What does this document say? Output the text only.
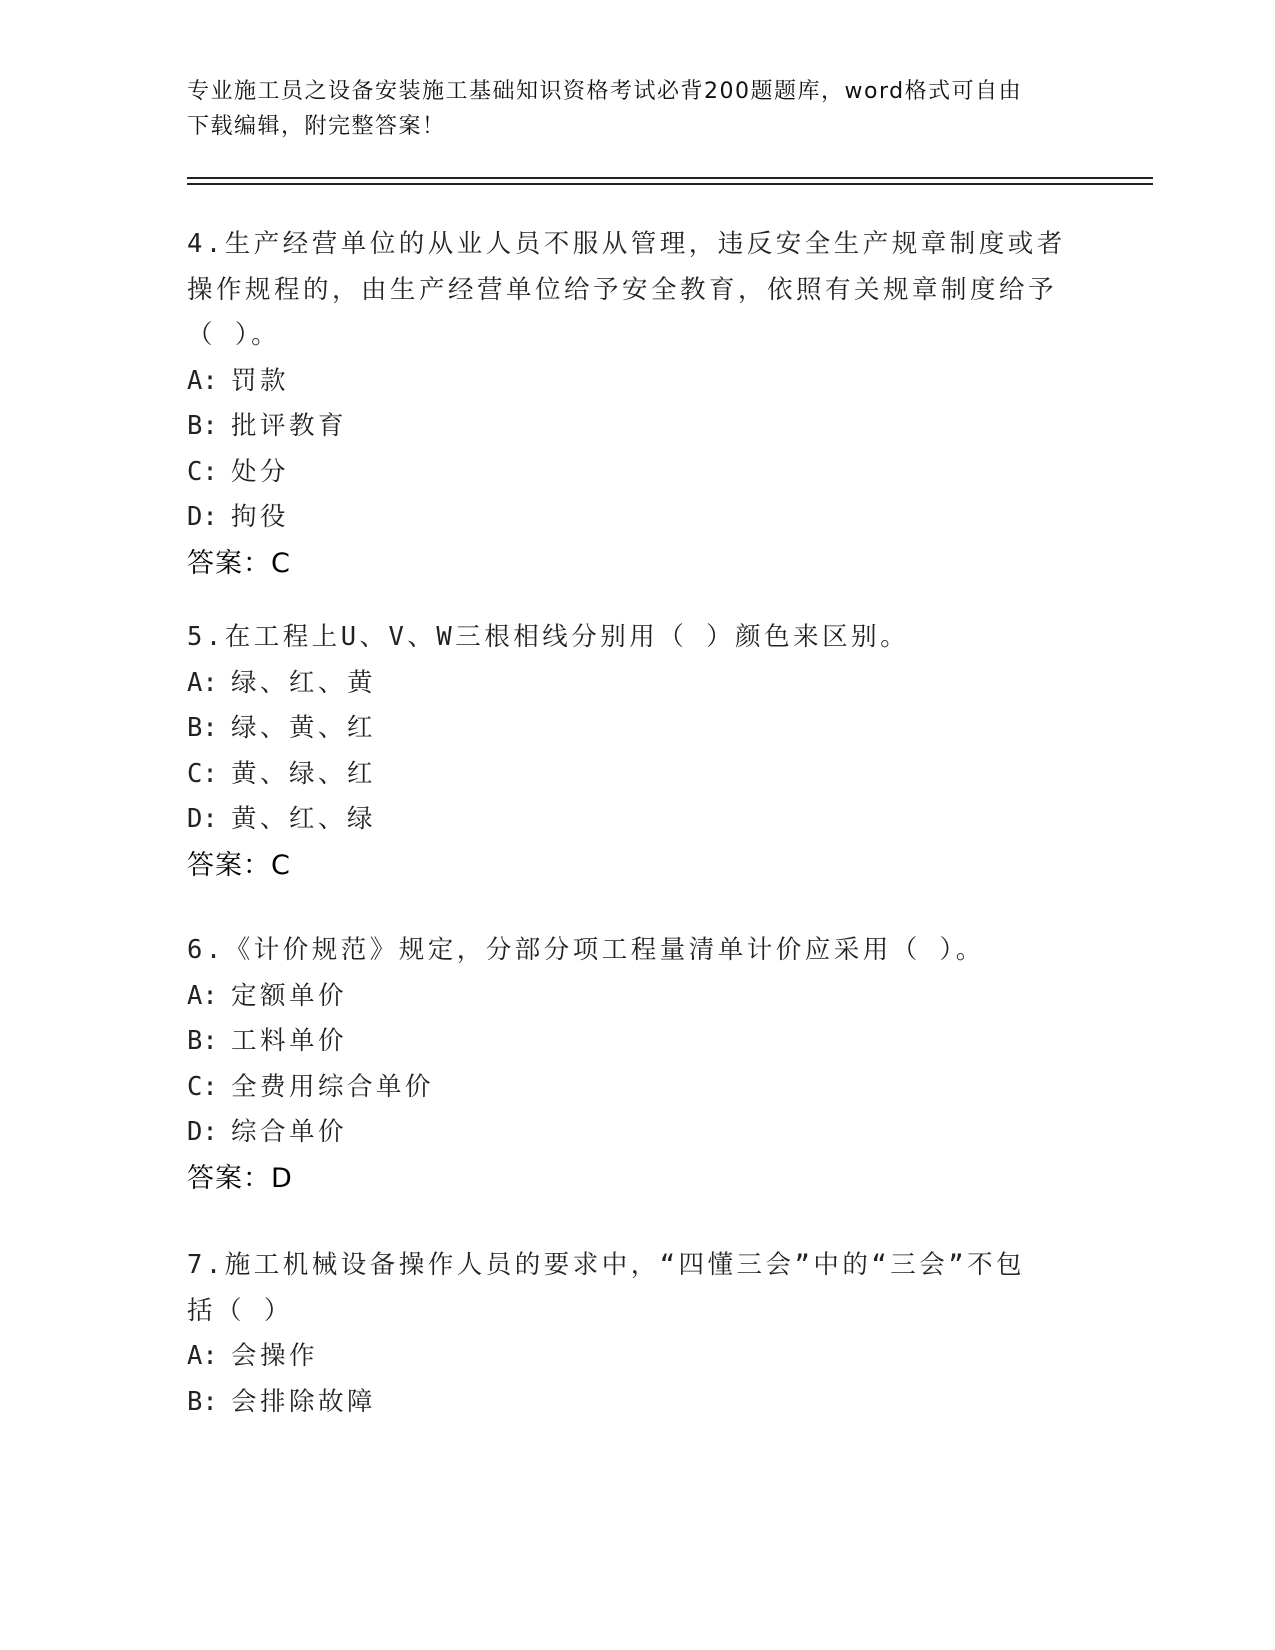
专业施工员之设备安装施工基础知识资格考试必背200题题库，word格式可自由
下载编辑，附完整答案！
4.生产经营单位的从业人员不服从管理，违反安全生产规章制度或者
操作规程的，由生产经营单位给予安全教育，依照有关规章制度给予
（ ）。
A: 罚款
B: 批评教育
C: 处分
D: 拘役
答案：C
5.在工程上U、V、W三根相线分别用（ ）颜色来区别。
A: 绿、红、黄
B: 绿、黄、红
C: 黄、绿、红
D: 黄、红、绿
答案：C
6.《计价规范》规定，分部分项工程量清单计价应采用（ ）。
A: 定额单价
B: 工料单价
C: 全费用综合单价
D: 综合单价
答案：D
7.施工机械设备操作人员的要求中，“四懂三会”中的“三会”不包
括（ ）
A: 会操作
B: 会排除故障
